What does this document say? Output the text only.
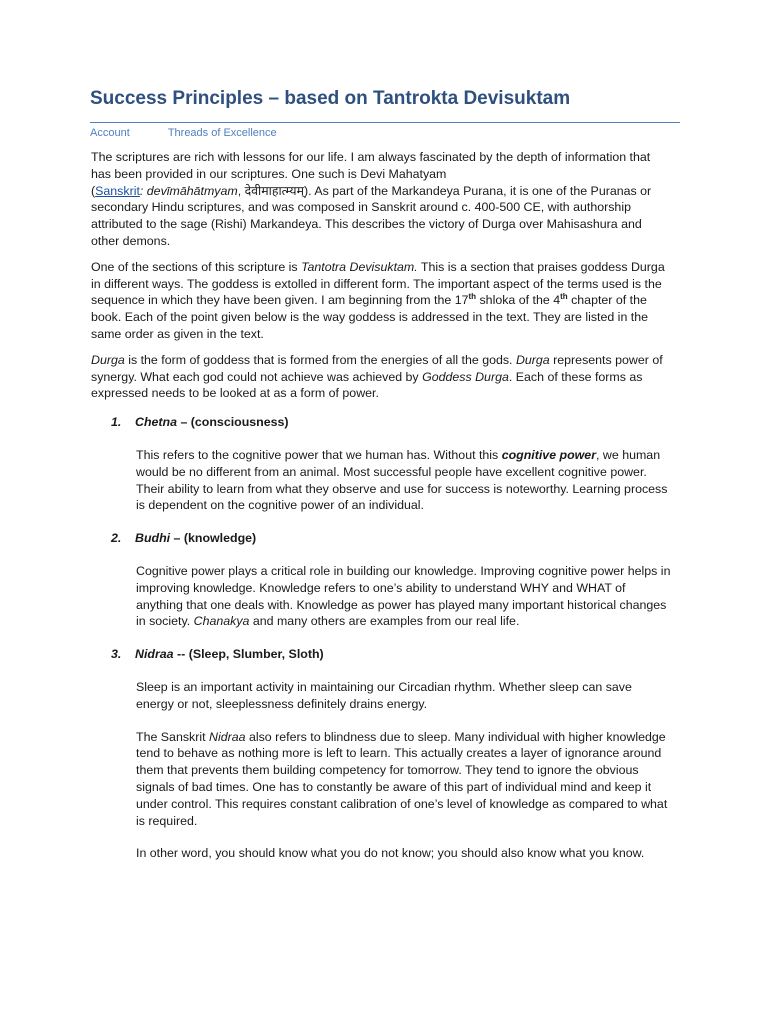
Success Principles – based on Tantrokta Devisuktam
Account	Threads of Excellence

The scriptures are rich with lessons for our life. I am always fascinated by the depth of information that has been provided in our scriptures. One such is Devi Mahatyam
(Sanskrit: devīmāhātmyam, देवीमाहात्म्यम्). As part of the Markandeya Purana, it is one of the Puranas or secondary Hindu scriptures, and was composed in Sanskrit around c. 400-500 CE, with authorship attributed to the sage (Rishi) Markandeya. This describes the victory of Durga over Mahisashura and other demons.

One of the sections of this scripture is Tantotra Devisuktam. This is a section that praises goddess Durga in different ways. The goddess is extolled in different form. The important aspect of the terms used is the sequence in which they have been given. I am beginning from the 17th shloka of the 4th chapter of the book. Each of the point given below is the way goddess is addressed in the text. They are listed in the same order as given in the text.

Durga is the form of goddess that is formed from the energies of all the gods. Durga represents power of synergy. What each god could not achieve was achieved by Goddess Durga. Each of these forms as expressed needs to be looked at as a form of power.

1.	Chetna – (consciousness)

This refers to the cognitive power that we human has. Without this cognitive power, we human would be no different from an animal. Most successful people have excellent cognitive power. Their ability to learn from what they observe and use for success is noteworthy. Learning process is dependent on the cognitive power of an individual.

2.	Budhi – (knowledge)

Cognitive power plays a critical role in building our knowledge. Improving cognitive power helps in improving knowledge. Knowledge refers to one’s ability to understand WHY and WHAT of anything that one deals with. Knowledge as power has played many important historical changes in society. Chanakya and many others are examples from our real life.

3.	Nidraa -- (Sleep, Slumber, Sloth)

Sleep is an important activity in maintaining our Circadian rhythm. Whether sleep can save energy or not, sleeplessness definitely drains energy.

The Sanskrit Nidraa also refers to blindness due to sleep. Many individual with higher knowledge tend to behave as nothing more is left to learn. This actually creates a layer of ignorance around them that prevents them building competency for tomorrow. They tend to ignore the obvious signals of bad times. One has to constantly be aware of this part of individual mind and keep it under control. This requires constant calibration of one’s level of knowledge as compared to what is required.

In other word, you should know what you do not know; you should also know what you know.
